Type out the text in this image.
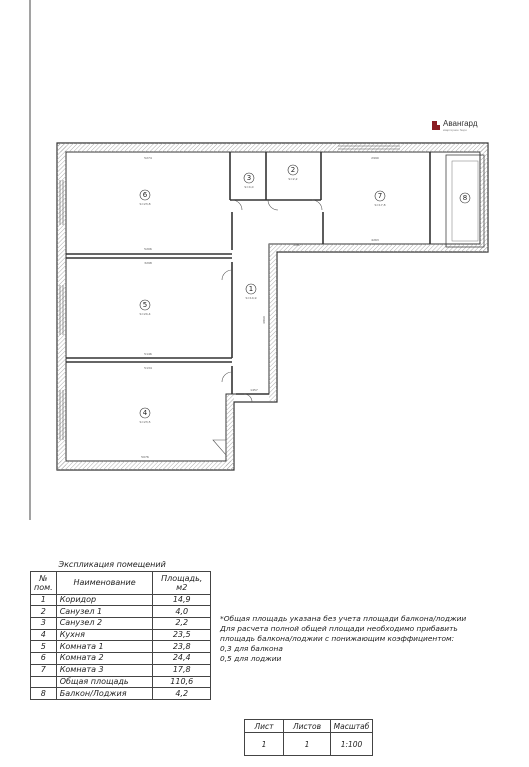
Авангард
квартирное бюро
5274
5206
3298
5146
5134
2990
4263
5076
1067
1457
4860
1
S=14,9
2
S=2,2
3
S=4,0
4
S=23,5
5
S=24,4
6
S=23,8
7
S=17,8
8
Экспликация помещений		
№ пом.	Наименование	Площадь, м2
1	Коридор	14,9
2	Санузел 1	4,0
3	Санузел 2	2,2
4	Кухня	23,5
5	Комната 1	23,8
6	Комната 2	24,4
7	Комната 3	17,8
	Общая площадь	110,6
8	Балкон/Лоджия	4,2
*Общая площадь указана без учета площади балкона/лоджии
Для расчета полной общей площади необходимо прибавить
площадь балкона/лоджии с понижающим коэффициентом:
0,3 для балкона
0,5 для лоджии
Лист	Листов	Масштаб
1	1	1:100
